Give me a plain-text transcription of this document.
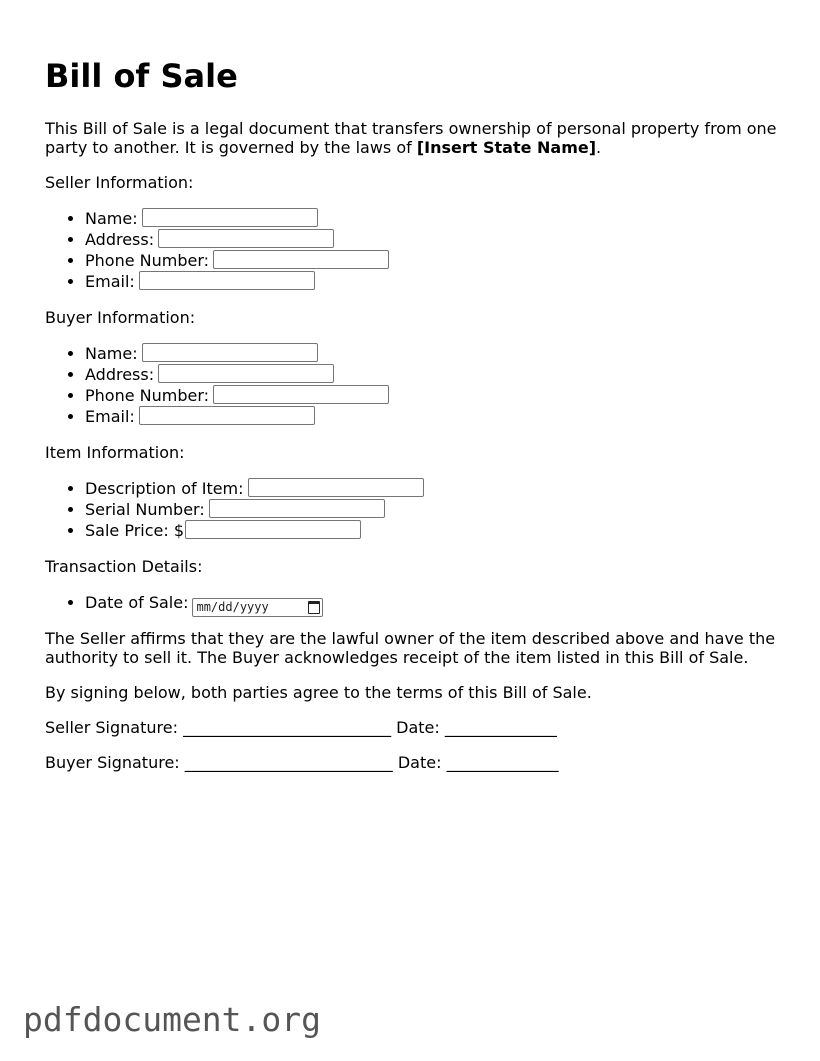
Bill of Sale

This Bill of Sale is a legal document that transfers ownership of personal property from one party to another. It is governed by the laws of [Insert State Name].

Seller Information:
• Name:
• Address:
• Phone Number:
• Email:
Buyer Information:
• Name:
• Address:
• Phone Number:
• Email:
Item Information:
• Description of Item:
• Serial Number:
• Sale Price: $
Transaction Details:
• Date of Sale: mm/dd/yyyy

The Seller affirms that they are the lawful owner of the item described above and have the authority to sell it. The Buyer acknowledges receipt of the item listed in this Bill of Sale.

By signing below, both parties agree to the terms of this Bill of Sale.

Seller Signature: __________________________ Date: ______________
Buyer Signature: __________________________ Date: ______________
pdfdocument.org
